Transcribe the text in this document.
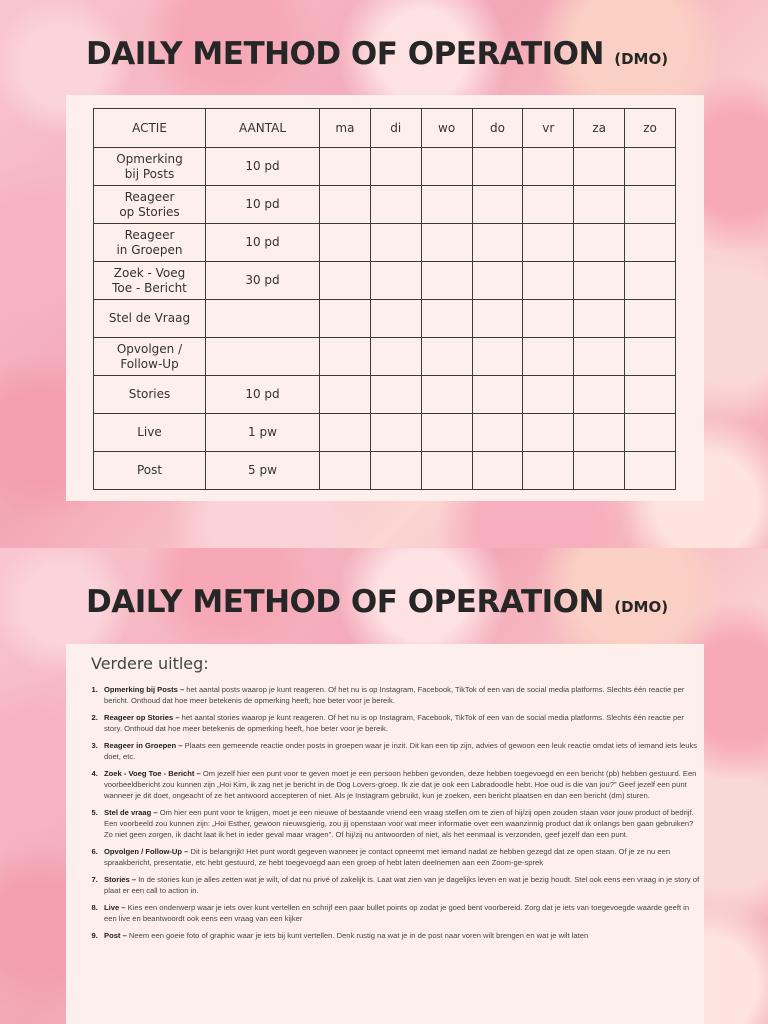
DAILY METHOD OF OPERATION (DMO)
ACTIE	AANTAL	ma	di	wo	do	vr	za	zo
Opmerking
bij Posts	10 pd							
Reageer
op Stories	10 pd							
Reageer
in Groepen	10 pd							
Zoek - Voeg
Toe - Bericht	30 pd							
Stel de Vraag								
Opvolgen /
Follow-Up								
Stories	10 pd							
Live	1 pw							
Post	5 pw							
DAILY METHOD OF OPERATION (DMO)
Verdere uitleg:
1. Opmerking bij Posts – het aantal posts waarop je kunt reageren. Of het nu is op Instagram, Facebook, TikTok of een van de social media platforms. Slechts één reactie per bericht. Onthoud dat hoe meer betekenis de opmerking heeft, hoe beter voor je bereik.
2. Reageer op Stories – het aantal stories waarop je kunt reageren. Of het nu is op Instagram, Facebook, TikTok of een van de social media platforms. Slechts één reactie per story. Onthoud dat hoe meer betekenis de opmerking heeft, hoe beter voor je bereik.
3. Reageer in Groepen – Plaats een gemeende reactie onder posts in groepen waar je inzit. Dit kan een tip zijn, advies of gewoon een leuk reactie omdat iets of iemand iets leuks doet, etc.
4. Zoek - Voeg Toe - Bericht – Om jezelf hier een punt voor te geven moet je een persoon hebben gevonden, deze hebben toegevoegd en een bericht (pb) hebben gestuurd. Een voorbeeldbericht zou kunnen zijn „Hoi Kim, ik zag net je bericht in de Dog Lovers-groep. Ik zie dat je ook een Labradoodle hebt. Hoe oud is die van jou?" Geef jezelf een punt wanneer je dit doet, ongeacht of ze het antwoord accepteren of niet. Als je Instagram gebruikt, kun je zoeken, een bericht plaatsen en dan een bericht (dm) sturen.
5. Stel de vraag – Om hier een punt voor te krijgen, moet je een nieuwe of bestaande vriend een vraag stellen om te zien of hij/zij open zouden staan voor jouw product of bedrijf. Een voorbeeld zou kunnen zijn: „Hoi Esther, gewoon nieuwsgierig, zou jij openstaan voor wat meer informatie over een waanzinnig product dat ik onlangs ben gaan gebruiken? Zo niet geen zorgen, ik dacht laat ik het in ieder geval maar vragen". Of hij/zij nu antwoorden of niet, als het eenmaal is verzonden, geef jezelf dan een punt.
6. Opvolgen / Follow-Up – Dit is belangrijk! Het punt wordt gegeven wanneer je contact opneemt met iemand nadat ze hebben gezegd dat ze open staan. Of je ze nu een spraakbericht, presentatie, etc hebt gestuurd, ze hebt toegevoegd aan een groep of hebt laten deelnemen aan een Zoom-ge-sprek
7. Stories – In de stories kun je alles zetten wat je wilt, of dat nu privé of zakelijk is. Laat wat zien van je dagelijks leven en wat je bezig houdt. Stel ook eens een vraag in je story of plaat er een call to action in.
8. Live – Kies een onderwerp waar je iets over kunt vertellen en schrijf een paar bullet points op zodat je goed bent voorbereid. Zorg dat je iets van toegevoegde waarde geeft in een live en beantwoordt ook eens een vraag van een kijker
9. Post – Neem een goeie foto of graphic waar je iets bij kunt vertellen. Denk rustig na wat je in de post naar voren wilt brengen en wat je wilt laten
